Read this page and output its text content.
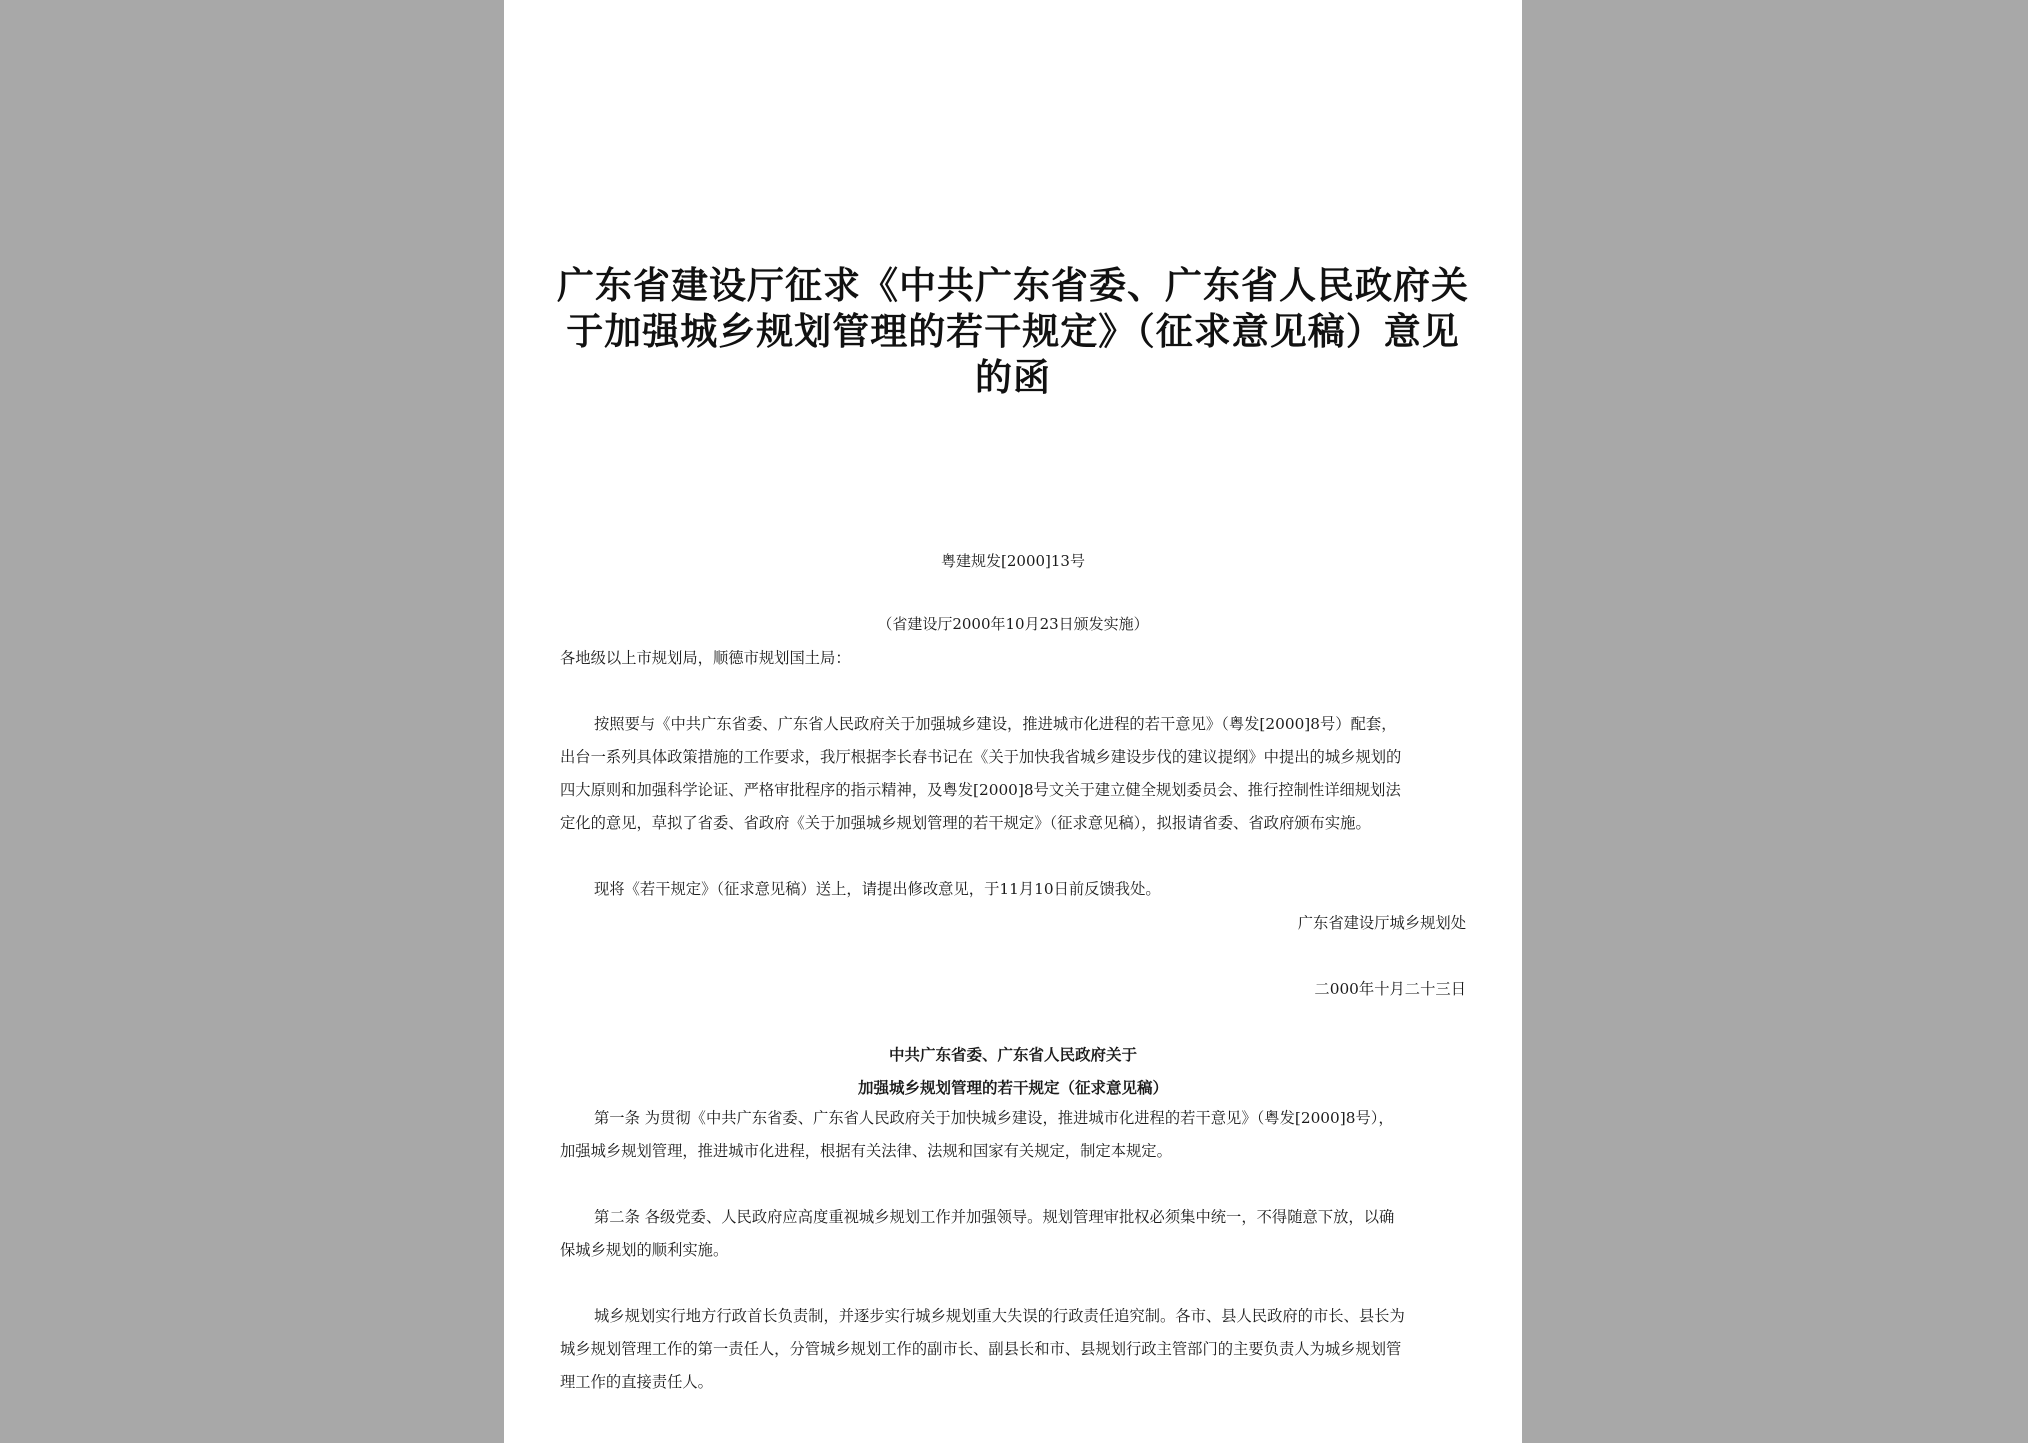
广东省建设厅征求《中共广东省委、广东省人民政府关
于加强城乡规划管理的若干规定》（征求意见稿）意见
的函
粤建规发[2000]13号
（省建设厅2000年10月23日颁发实施）
各地级以上市规划局，顺德市规划国土局：
按照要与《中共广东省委、广东省人民政府关于加强城乡建设，推进城市化进程的若干意见》（粤发[2000]8号）配套，
出台一系列具体政策措施的工作要求，我厅根据李长春书记在《关于加快我省城乡建设步伐的建议提纲》中提出的城乡规划的
四大原则和加强科学论证、严格审批程序的指示精神，及粤发[2000]8号文关于建立健全规划委员会、推行控制性详细规划法
定化的意见，草拟了省委、省政府《关于加强城乡规划管理的若干规定》（征求意见稿），拟报请省委、省政府颁布实施。
现将《若干规定》（征求意见稿）送上，请提出修改意见，于11月10日前反馈我处。
广东省建设厅城乡规划处
二000年十月二十三日
中共广东省委、广东省人民政府关于
加强城乡规划管理的若干规定（征求意见稿）
第一条 为贯彻《中共广东省委、广东省人民政府关于加快城乡建设，推进城市化进程的若干意见》（粤发[2000]8号），
加强城乡规划管理，推进城市化进程，根据有关法律、法规和国家有关规定，制定本规定。
第二条 各级党委、人民政府应高度重视城乡规划工作并加强领导。规划管理审批权必须集中统一，不得随意下放，以确
保城乡规划的顺利实施。
城乡规划实行地方行政首长负责制，并逐步实行城乡规划重大失误的行政责任追究制。各市、县人民政府的市长、县长为
城乡规划管理工作的第一责任人，分管城乡规划工作的副市长、副县长和市、县规划行政主管部门的主要负责人为城乡规划管
理工作的直接责任人。
